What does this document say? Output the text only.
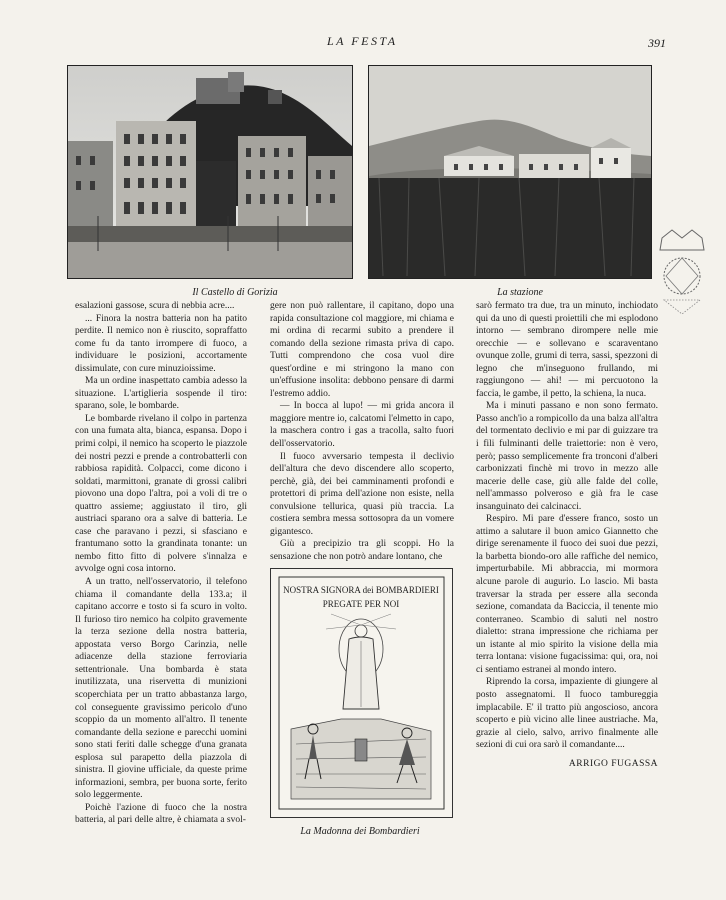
LA FESTA	391
Il Castello di Gorizia	La stazione

esalazioni gassose, scura di nebbia acre....

... Finora la nostra batteria non ha patito perdite. Il nemico non è riuscito, sopraffatto come fu da tanto irrompere di fuoco, a individuare le posizioni, accortamente dissimulate, con cure minuzioissime.

Ma un ordine inaspettato cambia adesso la situazione. L'artiglieria sospende il tiro: sparano, sole, le bombarde.

Le bombarde rivelano il colpo in partenza con una fumata alta, bianca, espansa. Dopo i primi colpi, il nemico ha scoperto le piazzole dei nostri pezzi e prende a controbatterli con rabbiosa rapidità. Colpacci, come dicono i soldati, marmittoni, granate di grossi calibri piovono una dopo l'altra, poi a voli di tre o quattro assieme; aggiustato il tiro, gli austriaci sparano ora a salve di batteria. Le case che paravano i pezzi, si sfasciano e frantumano sotto la grandinata tonante: un nembo fitto fitto di polvere s'innalza e avvolge ogni cosa intorno.

A un tratto, nell'osservatorio, il telefono chiama il comandante della 133.a; il capitano accorre e tosto si fa scuro in volto. Il furioso tiro nemico ha colpito gravemente la terza sezione della nostra batteria, appostata verso Borgo Carinzia, nelle adiacenze della stazione ferroviaria settentrionale. Una bombarda è stata inutilizzata, una riservetta di munizioni scoperchiata per un tratto abbastanza largo, col conseguente gravissimo pericolo d'uno scoppio da un momento all'altro. Il tenente comandante della sezione e parecchi uomini sono stati feriti dalle schegge d'una granata esplosa sul parapetto della piazzola di sinistra. Il giovine ufficiale, da queste prime informazioni, sembra, per buona sorte, ferito solo leggermente.

Poichè l'azione di fuoco che la nostra batteria, al pari delle altre, è chiamata a svol-

gere non può rallentare, il capitano, dopo una rapida consultazione col maggiore, mi chiama e mi ordina di recarmi subito a prendere il comando della sezione rimasta priva di capo. Tutti comprendono che cosa vuol dire quest'ordine e mi stringono la mano con un'effusione insolita: debbono pensare di darmi l'estremo addio.

— In bocca al lupo! — mi grida ancora il maggiore mentre io, calcatomi l'elmetto in capo, la maschera contro i gas a tracolla, salto fuori dell'osservatorio.

Il fuoco avversario tempesta il declivio dell'altura che devo discendere allo scoperto, perchè, già, dei bei camminamenti profondi e protettori di prima dell'azione non esiste, nella convulsione tellurica, quasi più traccia. La costiera sembra messa sottosopra da un vomere gigantesco.

Giù a precipizio tra gli scoppi. Ho la sensazione che non potrò andare lontano, che

NOSTRA SIGNORA dei BOMBARDIERI
PREGATE PER NOI
La Madonna dei Bombardieri

sarò fermato tra due, tra un minuto, inchiodato qui da uno di questi proiettili che mi esplodono intorno — sembrano dirompere nelle mie orecchie — e sollevano e scaraventano ovunque zolle, grumi di terra, sassi, spezzoni di legno che m'inseguono frullando, mi raggiungono — ahi! — mi percuotono la faccia, le gambe, il petto, la schiena, la nuca.

Ma i minuti passano e non sono fermato. Passo anch'io a rompicollo da una balza all'altra del tormentato declivio e mi par di guizzare tra i fili fulminanti delle traiettorie: non è vero, però; passo semplicemente fra tronconi d'alberi carbonizzati finchè mi trovo in mezzo alle macerie delle case, giù alle falde del colle, nell'ammasso polveroso e già fra le case insanguinato dei calcinacci.

Respiro. Mi pare d'essere franco, sosto un attimo a salutare il buon amico Giannetto che dirige serenamente il fuoco dei suoi due pezzi, la barbetta biondo-oro alle raffiche del nemico, imperturbabile. Mi abbraccia, mi mormora alcune parole di augurio. Lo lascio. Mi basta traversar la strada per essere alla seconda sezione, comandata da Baciccia, il tenente mio conterraneo. Scambio di saluti nel nostro dialetto: strana impressione che richiama per un istante al mio spirito la visione della mia terra lontana: visione fugacissima: qui, ora, noi ci sentiamo estranei al mondo intero.

Riprendo la corsa, impaziente di giungere al posto assegnatomi. Il fuoco tambureggia implacabile. E' il tratto più angoscioso, ancora scoperto e più vicino alle linee austriache. Ma, grazie al cielo, salvo, arrivo finalmente alle sezioni di cui ora sarò il comandante....

ARRIGO FUGASSA
